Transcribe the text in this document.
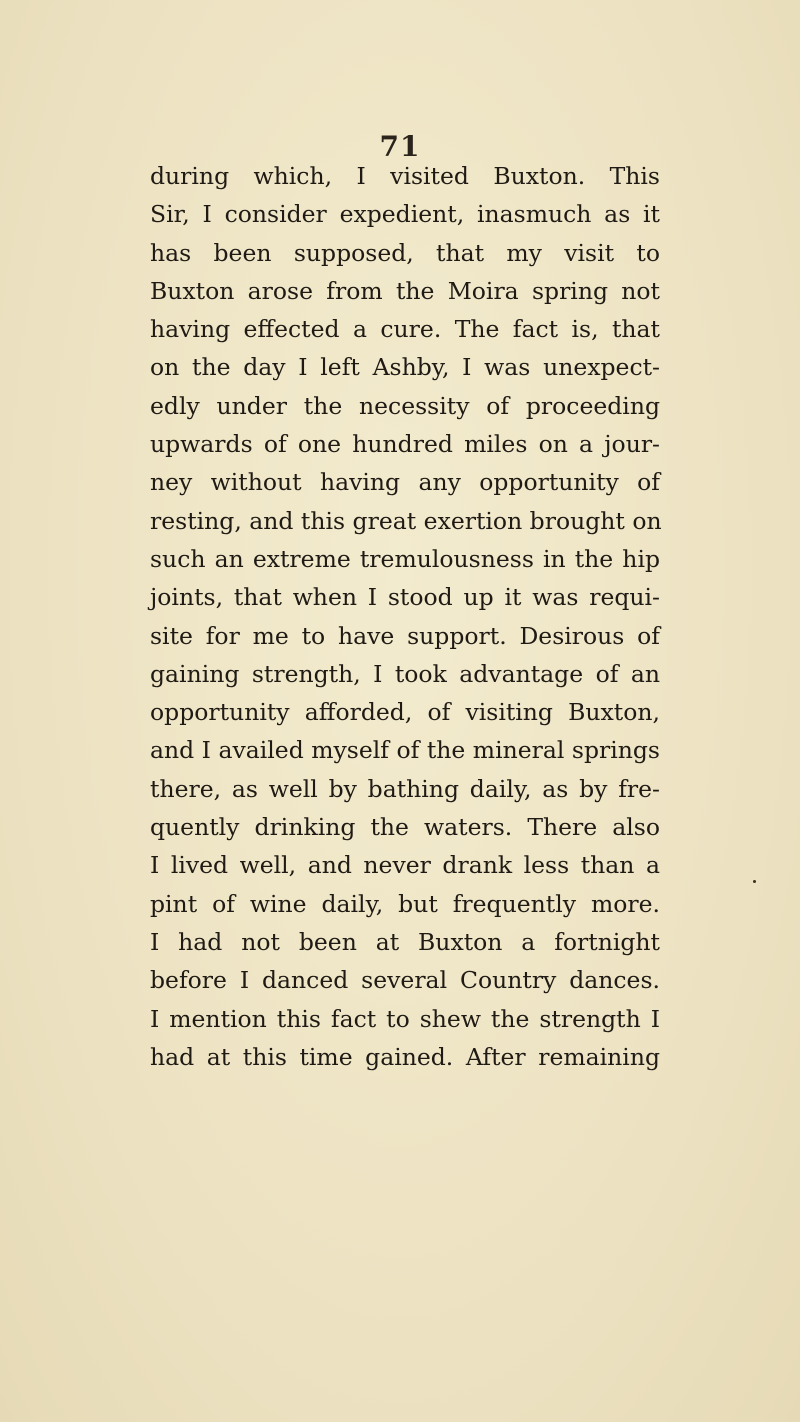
71
during which, I visited Buxton. This
Sir, I consider expedient, inasmuch as it
has been supposed, that my visit to
Buxton arose from the Moira spring not
having effected a cure. The fact is, that
on the day I left Ashby, I was unexpect-
edly under the necessity of proceeding
upwards of one hundred miles on a jour-
ney without having any opportunity of
resting, and this great exertion brought on
such an extreme tremulousness in the hip
joints, that when I stood up it was requi-
site for me to have support. Desirous of
gaining strength, I took advantage of an
opportunity afforded, of visiting Buxton,
and I availed myself of the mineral springs
there, as well by bathing daily, as by fre-
quently drinking the waters. There also
I lived well, and never drank less than a
pint of wine daily, but frequently more.
I had not been at Buxton a fortnight
before I danced several Country dances.
I mention this fact to shew the strength I
had at this time gained. After remaining
